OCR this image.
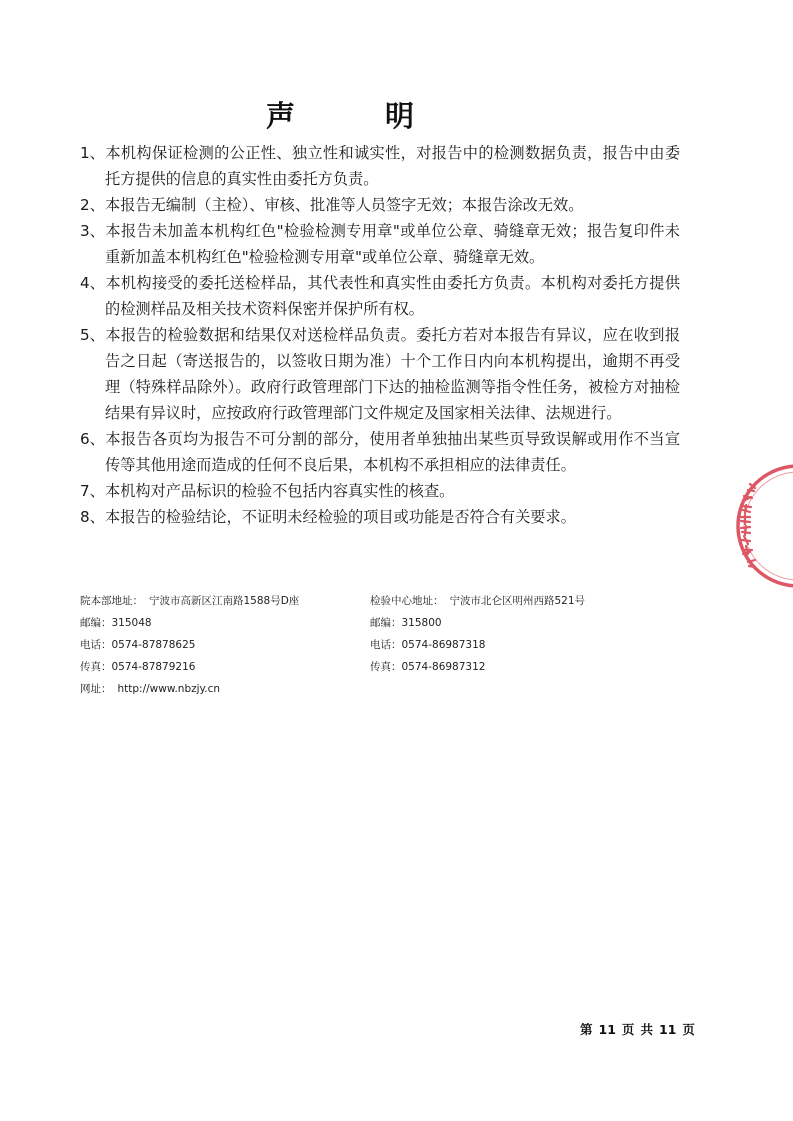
声 明
1、本机构保证检测的公正性、独立性和诚实性，对报告中的检测数据负责，报告中由委托方提供的信息的真实性由委托方负责。
2、本报告无编制（主检）、审核、批准等人员签字无效；本报告涂改无效。
3、本报告未加盖本机构红色"检验检测专用章"或单位公章、骑缝章无效；报告复印件未重新加盖本机构红色"检验检测专用章"或单位公章、骑缝章无效。
4、本机构接受的委托送检样品，其代表性和真实性由委托方负责。本机构对委托方提供的检测样品及相关技术资料保密并保护所有权。
5、本报告的检验数据和结果仅对送检样品负责。委托方若对本报告有异议，应在收到报告之日起（寄送报告的，以签收日期为准）十个工作日内向本机构提出，逾期不再受理（特殊样品除外）。政府行政管理部门下达的抽检监测等指令性任务，被检方对抽检结果有异议时，应按政府行政管理部门文件规定及国家相关法律、法规进行。
6、本报告各页均为报告不可分割的部分，使用者单独抽出某些页导致误解或用作不当宣传等其他用途而造成的任何不良后果，本机构不承担相应的法律责任。
7、本机构对产品标识的检验不包括内容真实性的核查。
8、本报告的检验结论，不证明未经检验的项目或功能是否符合有关要求。
院本部地址： 宁波市高新区江南路1588号D座	检验中心地址： 宁波市北仑区明州西路521号
邮编：315048	邮编：315800
电话：0574-87878625	电话：0574-86987318
传真：0574-87879216	传真：0574-86987312
网址： http://www.nbzjy.cn
第 11 页 共 11 页
